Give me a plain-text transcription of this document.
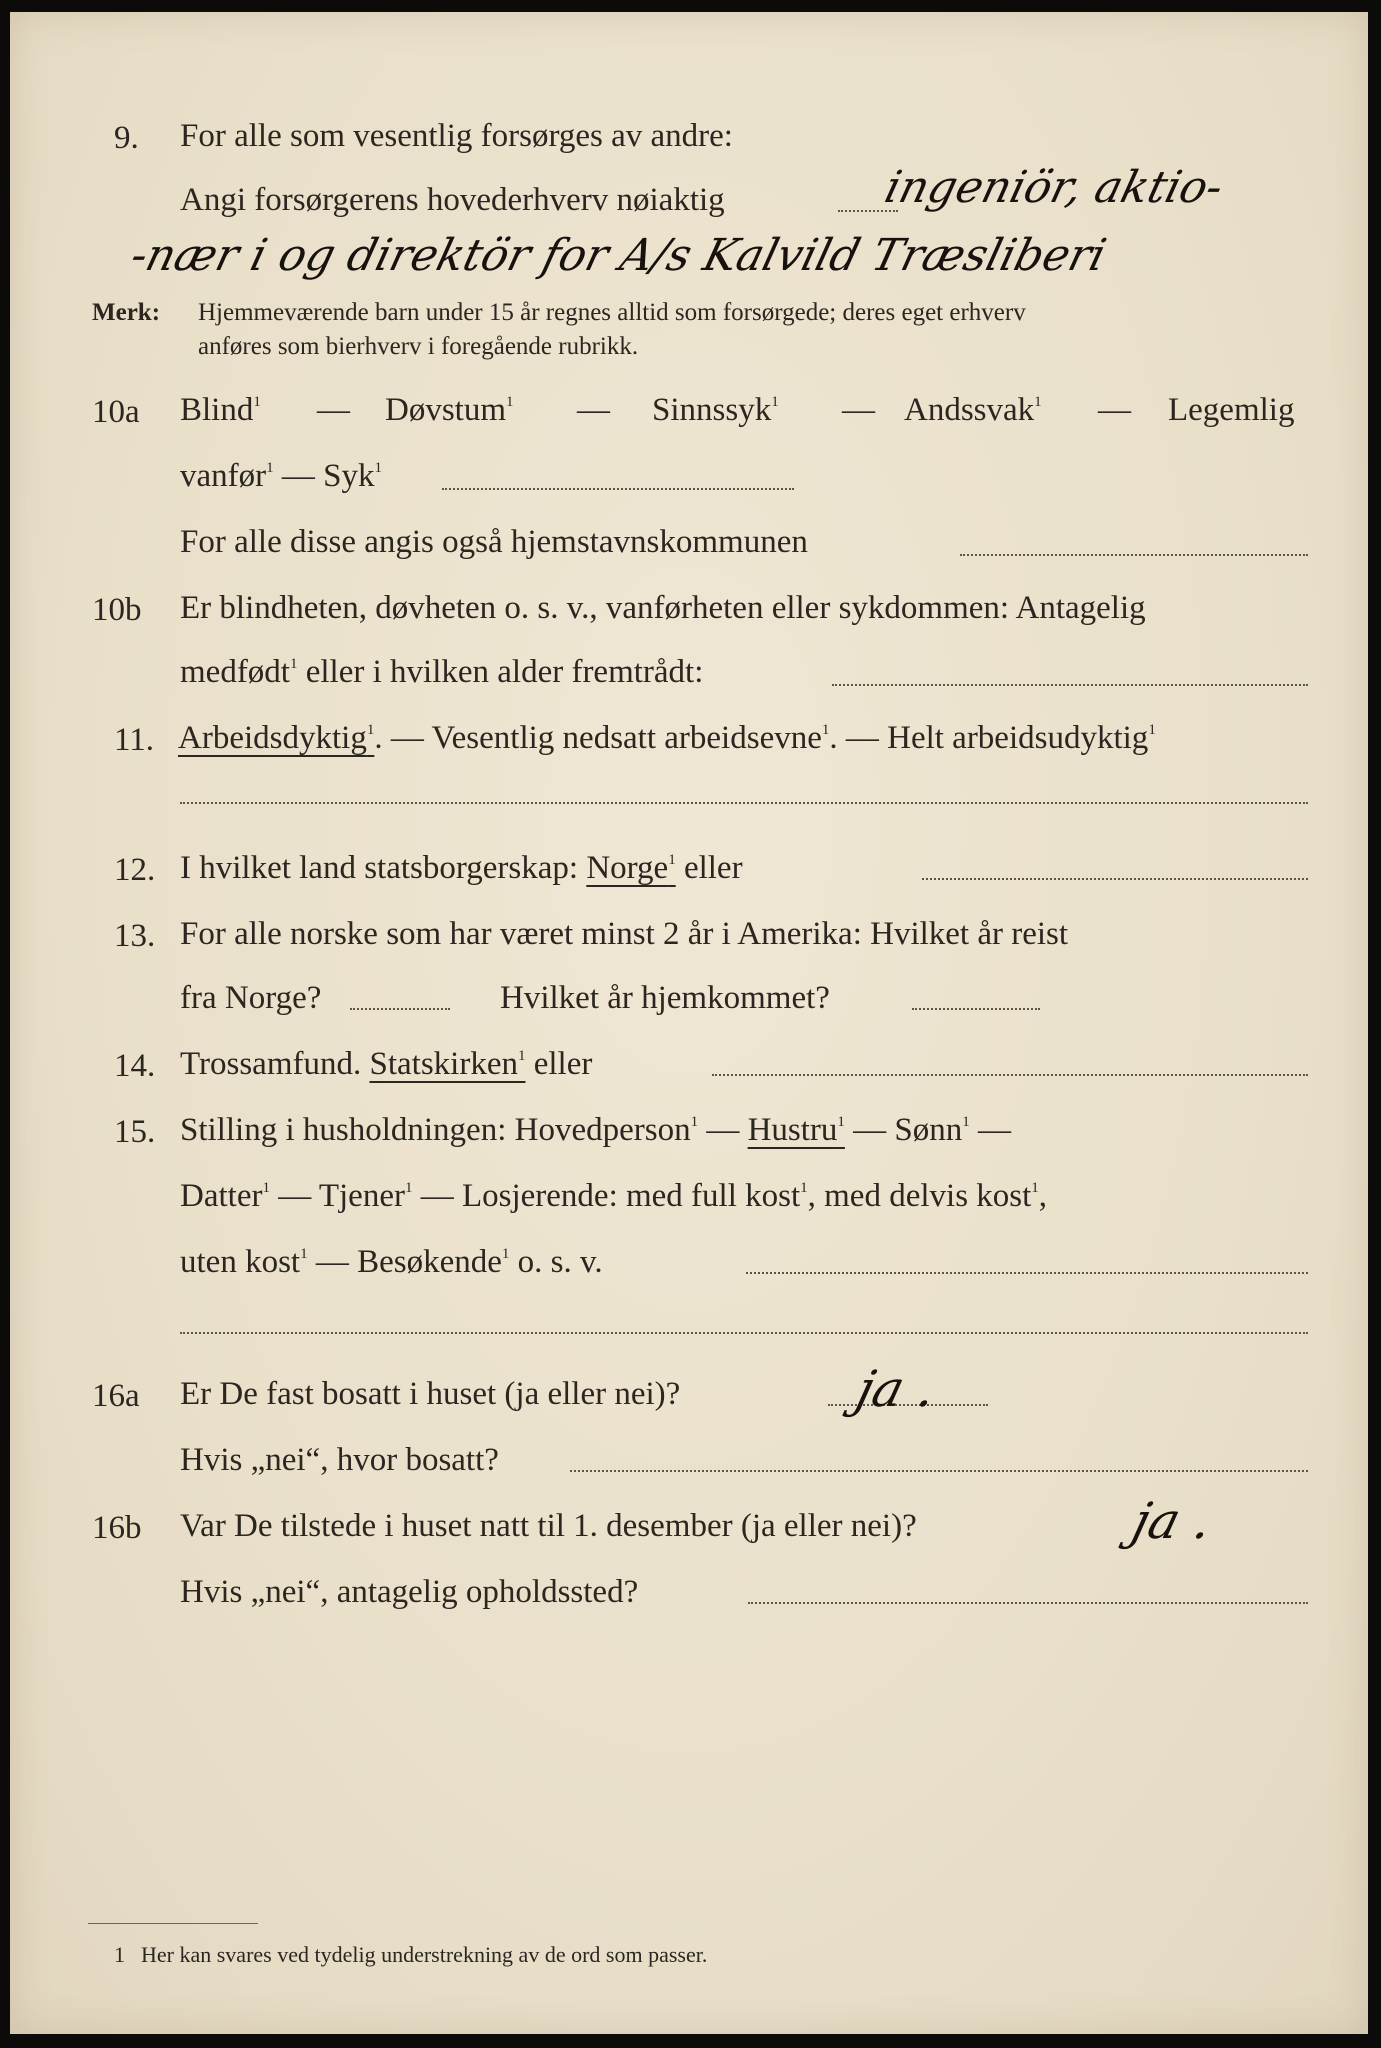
9. For alle som vesentlig forsørges av andre:
Angi forsørgerens hovederhverv nøiaktig	ingeniör, aktio-
-nær i og direktör for A/s Kalvild Træsliberi
Merk: Hjemmeværende barn under 15 år regnes alltid som forsørgede; deres eget erhverv
anføres som bierhverv i foregående rubrikk.
10a Blind$^1$ — Døvstum$^1$ — Sinnssyk$^1$ — Andssvak$^1$ — Legemlig
vanfør$^1$ — Syk$^1$
For alle disse angis også hjemstavnskommunen
10b Er blindheten, døvheten o. s. v., vanførheten eller sykdommen: Antagelig
medfødt$^1$ eller i hvilken alder fremtrådt:
11. Arbeidsdyktig$^1$. — Vesentlig nedsatt arbeidsevne$^1$. — Helt arbeidsudyktig$^1$
12. I hvilket land statsborgerskap: Norge$^1$ eller
13. For alle norske som har været minst 2 år i Amerika: Hvilket år reist
fra Norge?	Hvilket år hjemkommet?
14. Trossamfund. Statskirken$^1$ eller
15. Stilling i husholdningen: Hovedperson$^1$ — Hustru$^1$ — Sønn$^1$ —
Datter$^1$ — Tjener$^1$ — Losjerende: med full kost$^1$, med delvis kost$^1$,
uten kost$^1$ — Besøkende$^1$ o. s. v.
16a Er De fast bosatt i huset (ja eller nei)?	ja .
Hvis „nei“, hvor bosatt?
16b Var De tilstede i huset natt til 1. desember (ja eller nei)?	ja .
Hvis „nei“, antagelig opholdssted?
1 Her kan svares ved tydelig understrekning av de ord som passer.
